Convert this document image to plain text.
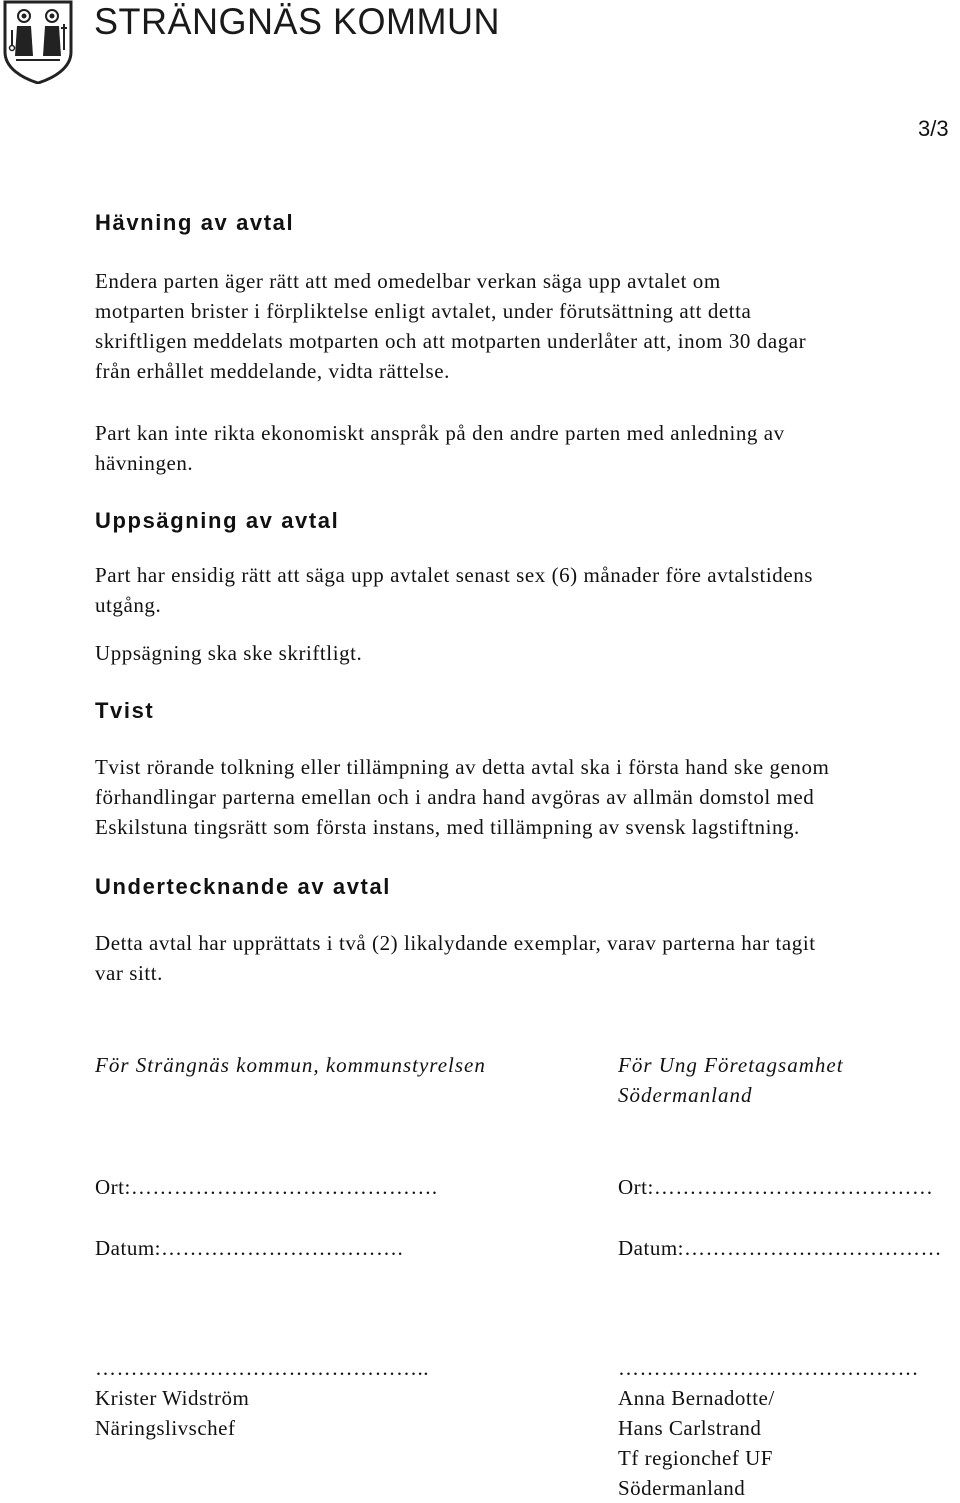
STRÄNGNÄS KOMMUN
3/3
Hävning av avtal

Endera parten äger rätt att med omedelbar verkan säga upp avtalet om
motparten brister i förpliktelse enligt avtalet, under förutsättning att detta
skriftligen meddelats motparten och att motparten underlåter att, inom 30 dagar
från erhållet meddelande, vidta rättelse.

Part kan inte rikta ekonomiskt anspråk på den andre parten med anledning av
hävningen.

Uppsägning av avtal

Part har ensidig rätt att säga upp avtalet senast sex (6) månader före avtalstidens
utgång.

Uppsägning ska ske skriftligt.

Tvist

Tvist rörande tolkning eller tillämpning av detta avtal ska i första hand ske genom
förhandlingar parterna emellan och i andra hand avgöras av allmän domstol med
Eskilstuna tingsrätt som första instans, med tillämpning av svensk lagstiftning.

Undertecknande av avtal

Detta avtal har upprättats i två (2) likalydande exemplar, varav parterna har tagit
var sitt.

För Strängnäs kommun, kommunstyrelsen
Ort:…………………………………….
Datum:…………………………….
………………………………………..
Krister Widström
Näringslivschef
För Ung Företagsamhet
Södermanland
Ort:…………………………………
Datum:………………………………
……………………………………
Anna Bernadotte/
Hans Carlstrand
Tf regionchef UF
Södermanland
